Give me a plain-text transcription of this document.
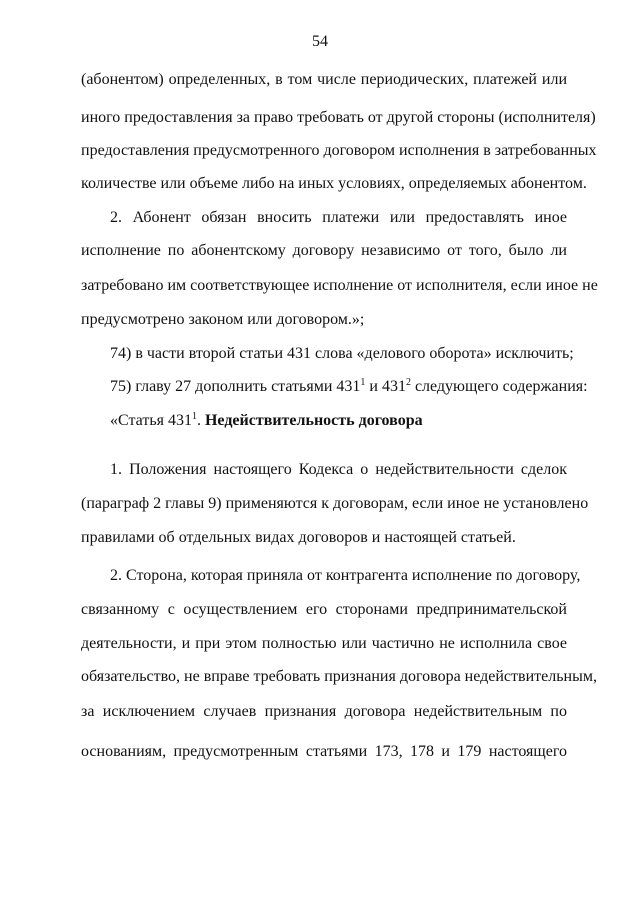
54
(абонентом) определенных, в том числе периодических, платежей или
иного предоставления за право требовать от другой стороны (исполнителя)
предоставления предусмотренного договором исполнения в затребованных
количестве или объеме либо на иных условиях, определяемых абонентом.
2. Абонент обязан вносить платежи или предоставлять иное
исполнение по абонентскому договору независимо от того, было ли
затребовано им соответствующее исполнение от исполнителя, если иное не
предусмотрено законом или договором.»;
74) в части второй статьи 431 слова «делового оборота» исключить;
75) главу 27 дополнить статьями $431^1$ и $431^2$ следующего содержания:
«Статья $431^1$. Недействительность договора
1. Положения настоящего Кодекса о недействительности сделок
(параграф 2 главы 9) применяются к договорам, если иное не установлено
правилами об отдельных видах договоров и настоящей статьей.
2. Сторона, которая приняла от контрагента исполнение по договору,
связанному с осуществлением его сторонами предпринимательской
деятельности, и при этом полностью или частично не исполнила свое
обязательство, не вправе требовать признания договора недействительным,
за исключением случаев признания договора недействительным по
основаниям, предусмотренным статьями 173, 178 и 179 настоящего
